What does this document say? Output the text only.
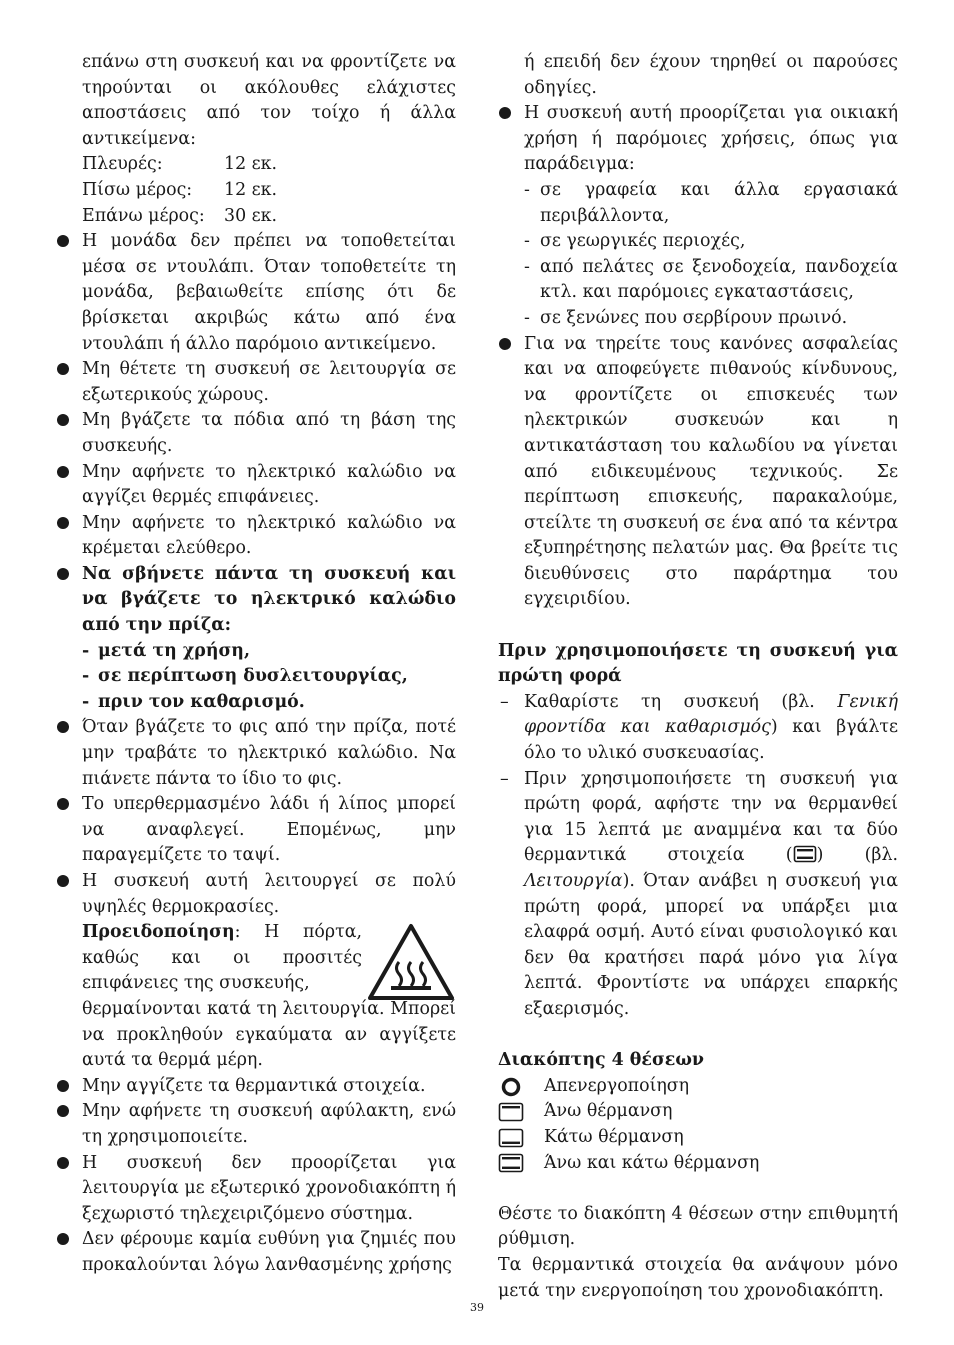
επάνω στη συσκευή και να φροντίζετε να τηρούνται οι ακόλουθες ελάχιστες αποστάσεις από τον τοίχο ή άλλα αντικείμενα:

Πλευρές:	12 εκ.
Πίσω μέρος:	12 εκ.
Επάνω μέρος:	30 εκ.
Η μονάδα δεν πρέπει να τοποθετείται μέσα σε ντουλάπι. Όταν τοποθετείτε τη μονάδα, βεβαιωθείτε επίσης ότι δε βρίσκεται ακριβώς κάτω από ένα ντουλάπι ή άλλο παρόμοιο αντικείμενο.
Μη θέτετε τη συσκευή σε λειτουργία σε εξωτερικούς χώρους.
Μη βγάζετε τα πόδια από τη βάση της συσκευής.
Μην αφήνετε το ηλεκτρικό καλώδιο να αγγίζει θερμές επιφάνειες.
Μην αφήνετε το ηλεκτρικό καλώδιο να κρέμεται ελεύθερο.
Να σβήνετε πάντα τη συσκευή και να βγάζετε το ηλεκτρικό καλώδιο από την πρίζα:
- μετά τη χρήση,
- σε περίπτωση δυσλειτουργίας,
- πριν τον καθαρισμό.
Όταν βγάζετε το φις από την πρίζα, ποτέ μην τραβάτε το ηλεκτρικό καλώδιο. Να πιάνετε πάντα το ίδιο το φις.
Το υπερθερμασμένο λάδι ή λίπος μπορεί να αναφλεγεί. Επομένως, μην παραγεμίζετε το ταψί.
Η συσκευή αυτή λειτουργεί σε πολύ υψηλές θερμοκρασίες.

Προειδοποίηση: Η πόρτα, καθώς και οι προσιτές επιφάνειες της συσκευής,

θερμαίνονται κατά τη λειτουργία. Μπορεί να προκληθούν εγκαύματα αν αγγίξετε αυτά τα θερμά μέρη.

Μην αγγίζετε τα θερμαντικά στοιχεία.
Μην αφήνετε τη συσκευή αφύλακτη, ενώ τη χρησιμοποιείτε.
Η συσκευή δεν προορίζεται για λειτουργία με εξωτερικό χρονοδιακόπτη ή ξεχωριστό τηλεχειριζόμενο σύστημα.
Δεν φέρουμε καμία ευθύνη για ζημιές που προκαλούνται λόγω λανθασμένης χρήσης

ή επειδή δεν έχουν τηρηθεί οι παρούσες οδηγίες.

Η συσκευή αυτή προορίζεται για οικιακή χρήση ή παρόμοιες χρήσεις, όπως για παράδειγμα:
- σε γραφεία και άλλα εργασιακά περιβάλλοντα,
- σε γεωργικές περιοχές,
- από πελάτες σε ξενοδοχεία, πανδοχεία κτλ. και παρόμοιες εγκαταστάσεις,
- σε ξενώνες που σερβίρουν πρωινό.
Για να τηρείτε τους κανόνες ασφαλείας και να αποφεύγετε πιθανούς κίνδυνους, να φροντίζετε οι επισκευές των ηλεκτρικών συσκευών και η αντικατάσταση του καλωδίου να γίνεται από ειδικευμένους τεχνικούς. Σε περίπτωση επισκευής, παρακαλούμε, στείλτε τη συσκευή σε ένα από τα κέντρα εξυπηρέτησης πελατών μας. Θα βρείτε τις διευθύνσεις στο παράρτημα του εγχειριδίου.

Πριν χρησιμοποιήσετε τη συσκευή για πρώτη φορά

– Καθαρίστε τη συσκευή (βλ. Γενική φροντίδα και καθαρισμός) και βγάλτε όλο το υλικό συσκευασίας.
– Πριν χρησιμοποιήσετε τη συσκευή για πρώτη φορά, αφήστε την να θερμανθεί για 15 λεπτά με αναμμένα και τα δύο θερμαντικά στοιχεία ( ) (βλ. Λειτουργία). Όταν ανάβει η συσκευή για πρώτη φορά, μπορεί να υπάρξει μια ελαφρά οσμή. Αυτό είναι φυσιολογικό και δεν θα κρατήσει παρά μόνο για λίγα λεπτά. Φροντίστε να υπάρχει επαρκής εξαερισμός.

Διακόπτης 4 θέσεων

Απενεργοποίηση
Άνω θέρμανση
Κάτω θέρμανση
Άνω και κάτω θέρμανση

Θέστε το διακόπτη 4 θέσεων στην επιθυμητή ρύθμιση.

Τα θερμαντικά στοιχεία θα ανάψουν μόνο μετά την ενεργοποίηση του χρονοδιακόπτη.

39
